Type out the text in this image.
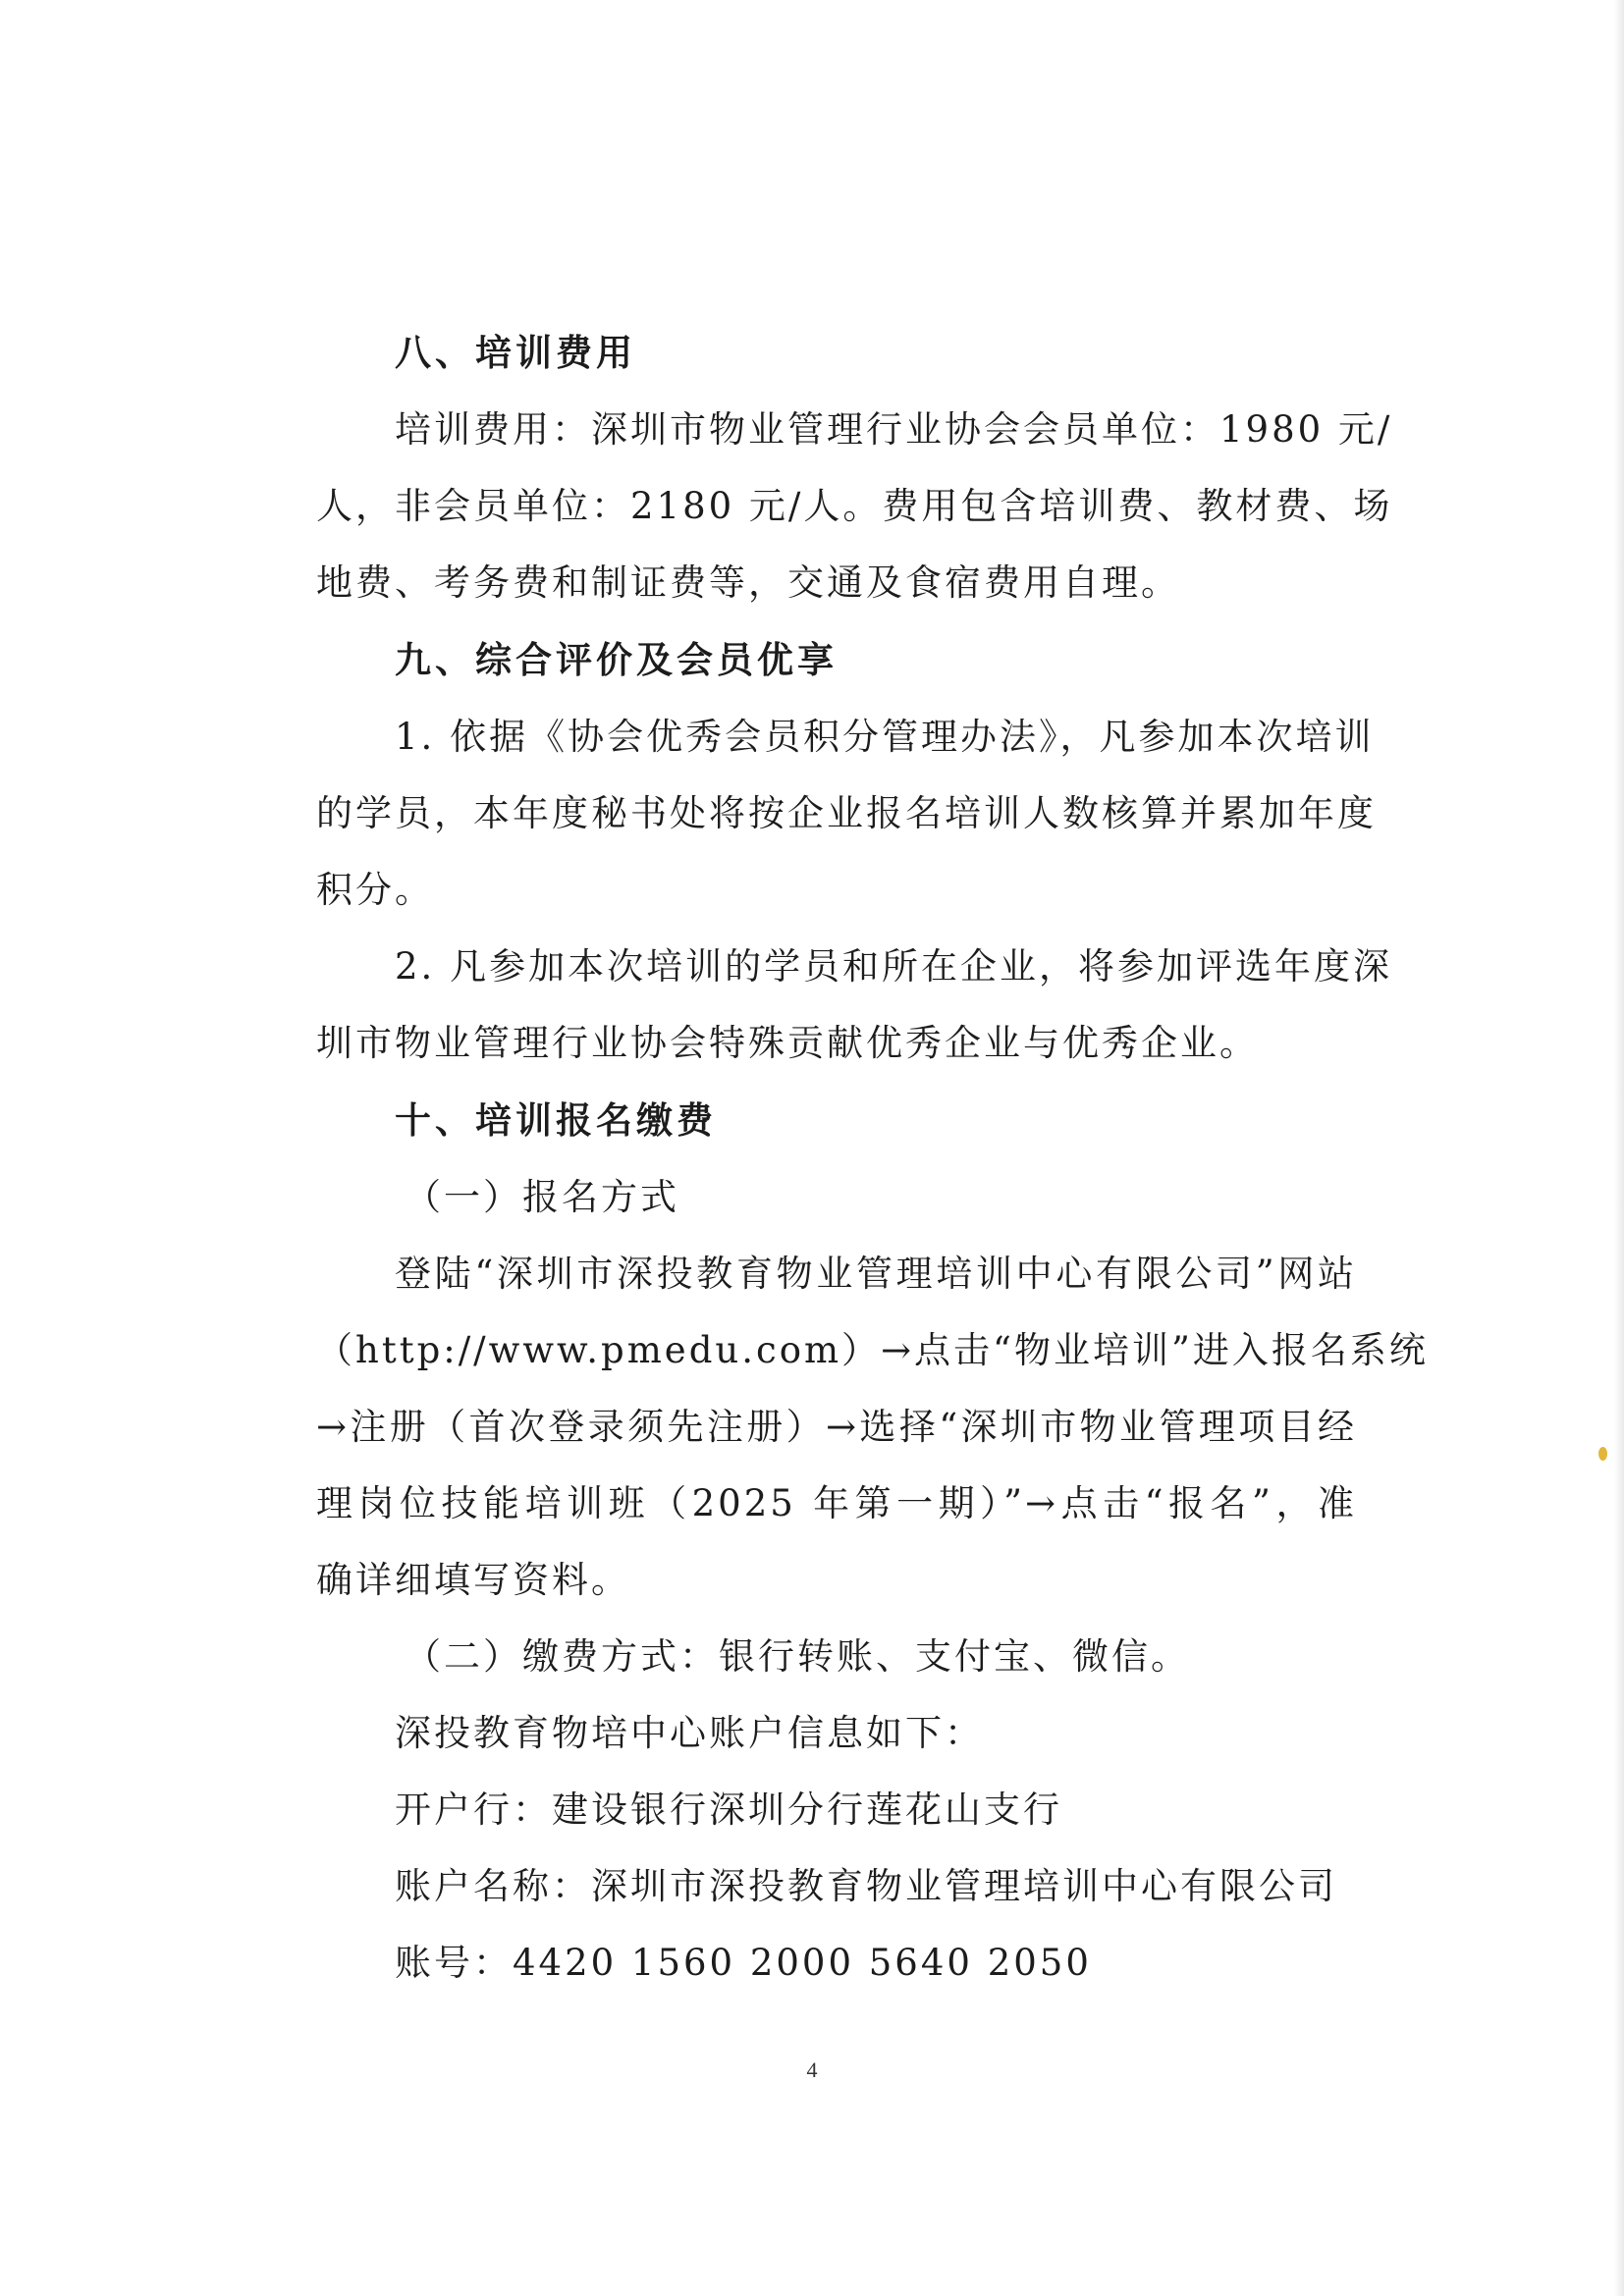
八、培训费用
培训费用：深圳市物业管理行业协会会员单位：1980 元/
人，非会员单位：2180 元/人。费用包含培训费、教材费、场
地费、考务费和制证费等，交通及食宿费用自理。
九、综合评价及会员优享
1. 依据《协会优秀会员积分管理办法》，凡参加本次培训
的学员，本年度秘书处将按企业报名培训人数核算并累加年度
积分。
2. 凡参加本次培训的学员和所在企业，将参加评选年度深
圳市物业管理行业协会特殊贡献优秀企业与优秀企业。
十、培训报名缴费
（一）报名方式
登陆“深圳市深投教育物业管理培训中心有限公司”网站
（http://www.pmedu.com）→点击“物业培训”进入报名系统
→注册（首次登录须先注册）→选择“深圳市物业管理项目经
理岗位技能培训班（2025 年第一期）”→点击“报名”，准
确详细填写资料。
（二）缴费方式：银行转账、支付宝、微信。
深投教育物培中心账户信息如下：
开户行：建设银行深圳分行莲花山支行
账户名称：深圳市深投教育物业管理培训中心有限公司
账号：4420 1560 2000 5640 2050
4
